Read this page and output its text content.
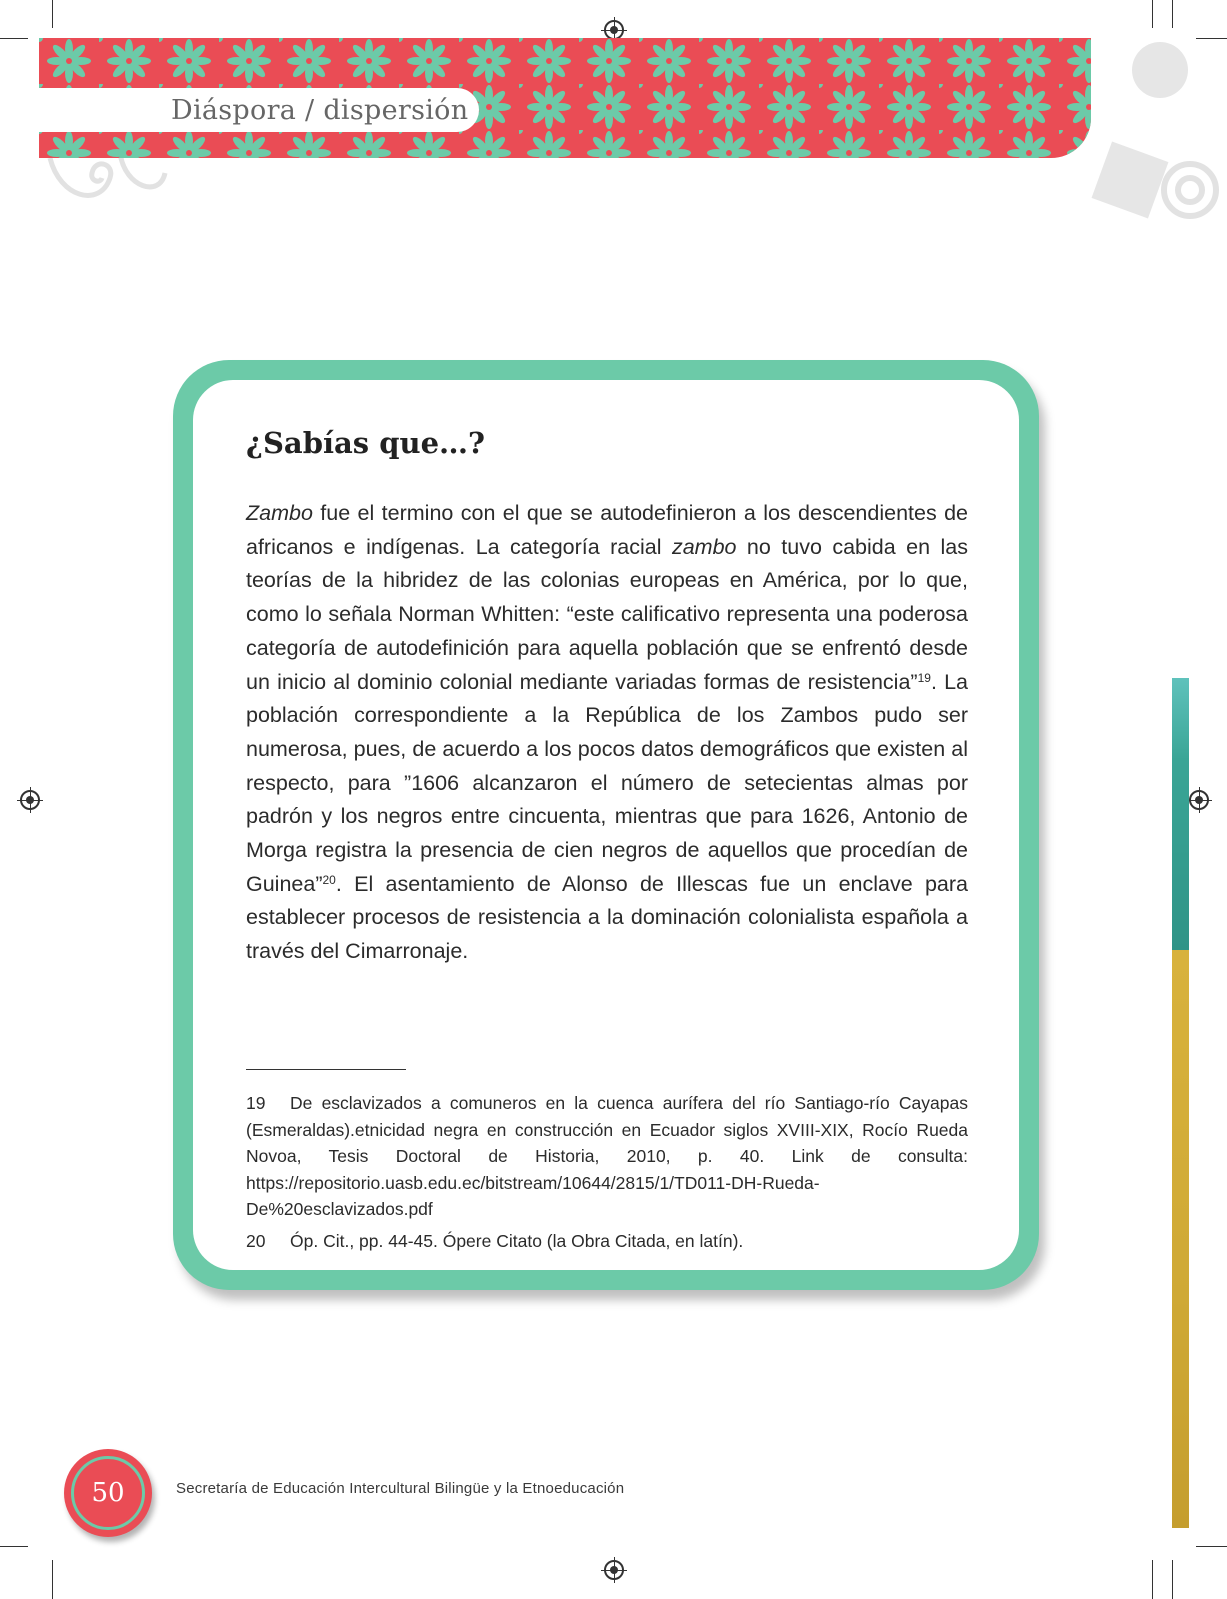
Diáspora / dispersión
¿Sabías que…?

Zambo fue el termino con el que se autodefinieron a los descendientes de africanos e indígenas. La categoría racial zambo no tuvo cabida en las teorías de la hibridez de las colonias europeas en América, por lo que, como lo señala Norman Whitten: “este calificativo representa una poderosa categoría de autodefinición para aquella población que se enfrentó desde un inicio al dominio colonial mediante variadas formas de resistencia”$^{19}$. La población correspondiente a la República de los Zambos pudo ser numerosa, pues, de acuerdo a los pocos datos demográficos que existen al respecto, para ”1606 alcanzaron el número de setecientas almas por padrón y los negros entre cincuenta, mientras que para 1626, Antonio de Morga registra la presencia de cien negros de aquellos que procedían de Guinea”$^{20}$. El asentamiento de Alonso de Illescas fue un enclave para establecer procesos de resistencia a la dominación colonialista española a través del Cimarronaje.

19 De esclavizados a comuneros en la cuenca aurífera del río Santiago-río Cayapas (Esmeraldas).etnicidad negra en construcción en Ecuador siglos XVIII-XIX, Rocío Rueda Novoa, Tesis Doctoral de Historia, 2010, p. 40. Link de consulta: https://repositorio.uasb.edu.ec/bitstream/10644/2815/1/TD011-DH-Rueda-De%20esclavizados.pdf

20 Óp. Cit., pp. 44-45. Ópere Citato (la Obra Citada, en latín).

50	Secretaría de Educación Intercultural Bilingüe y la Etnoeducación
